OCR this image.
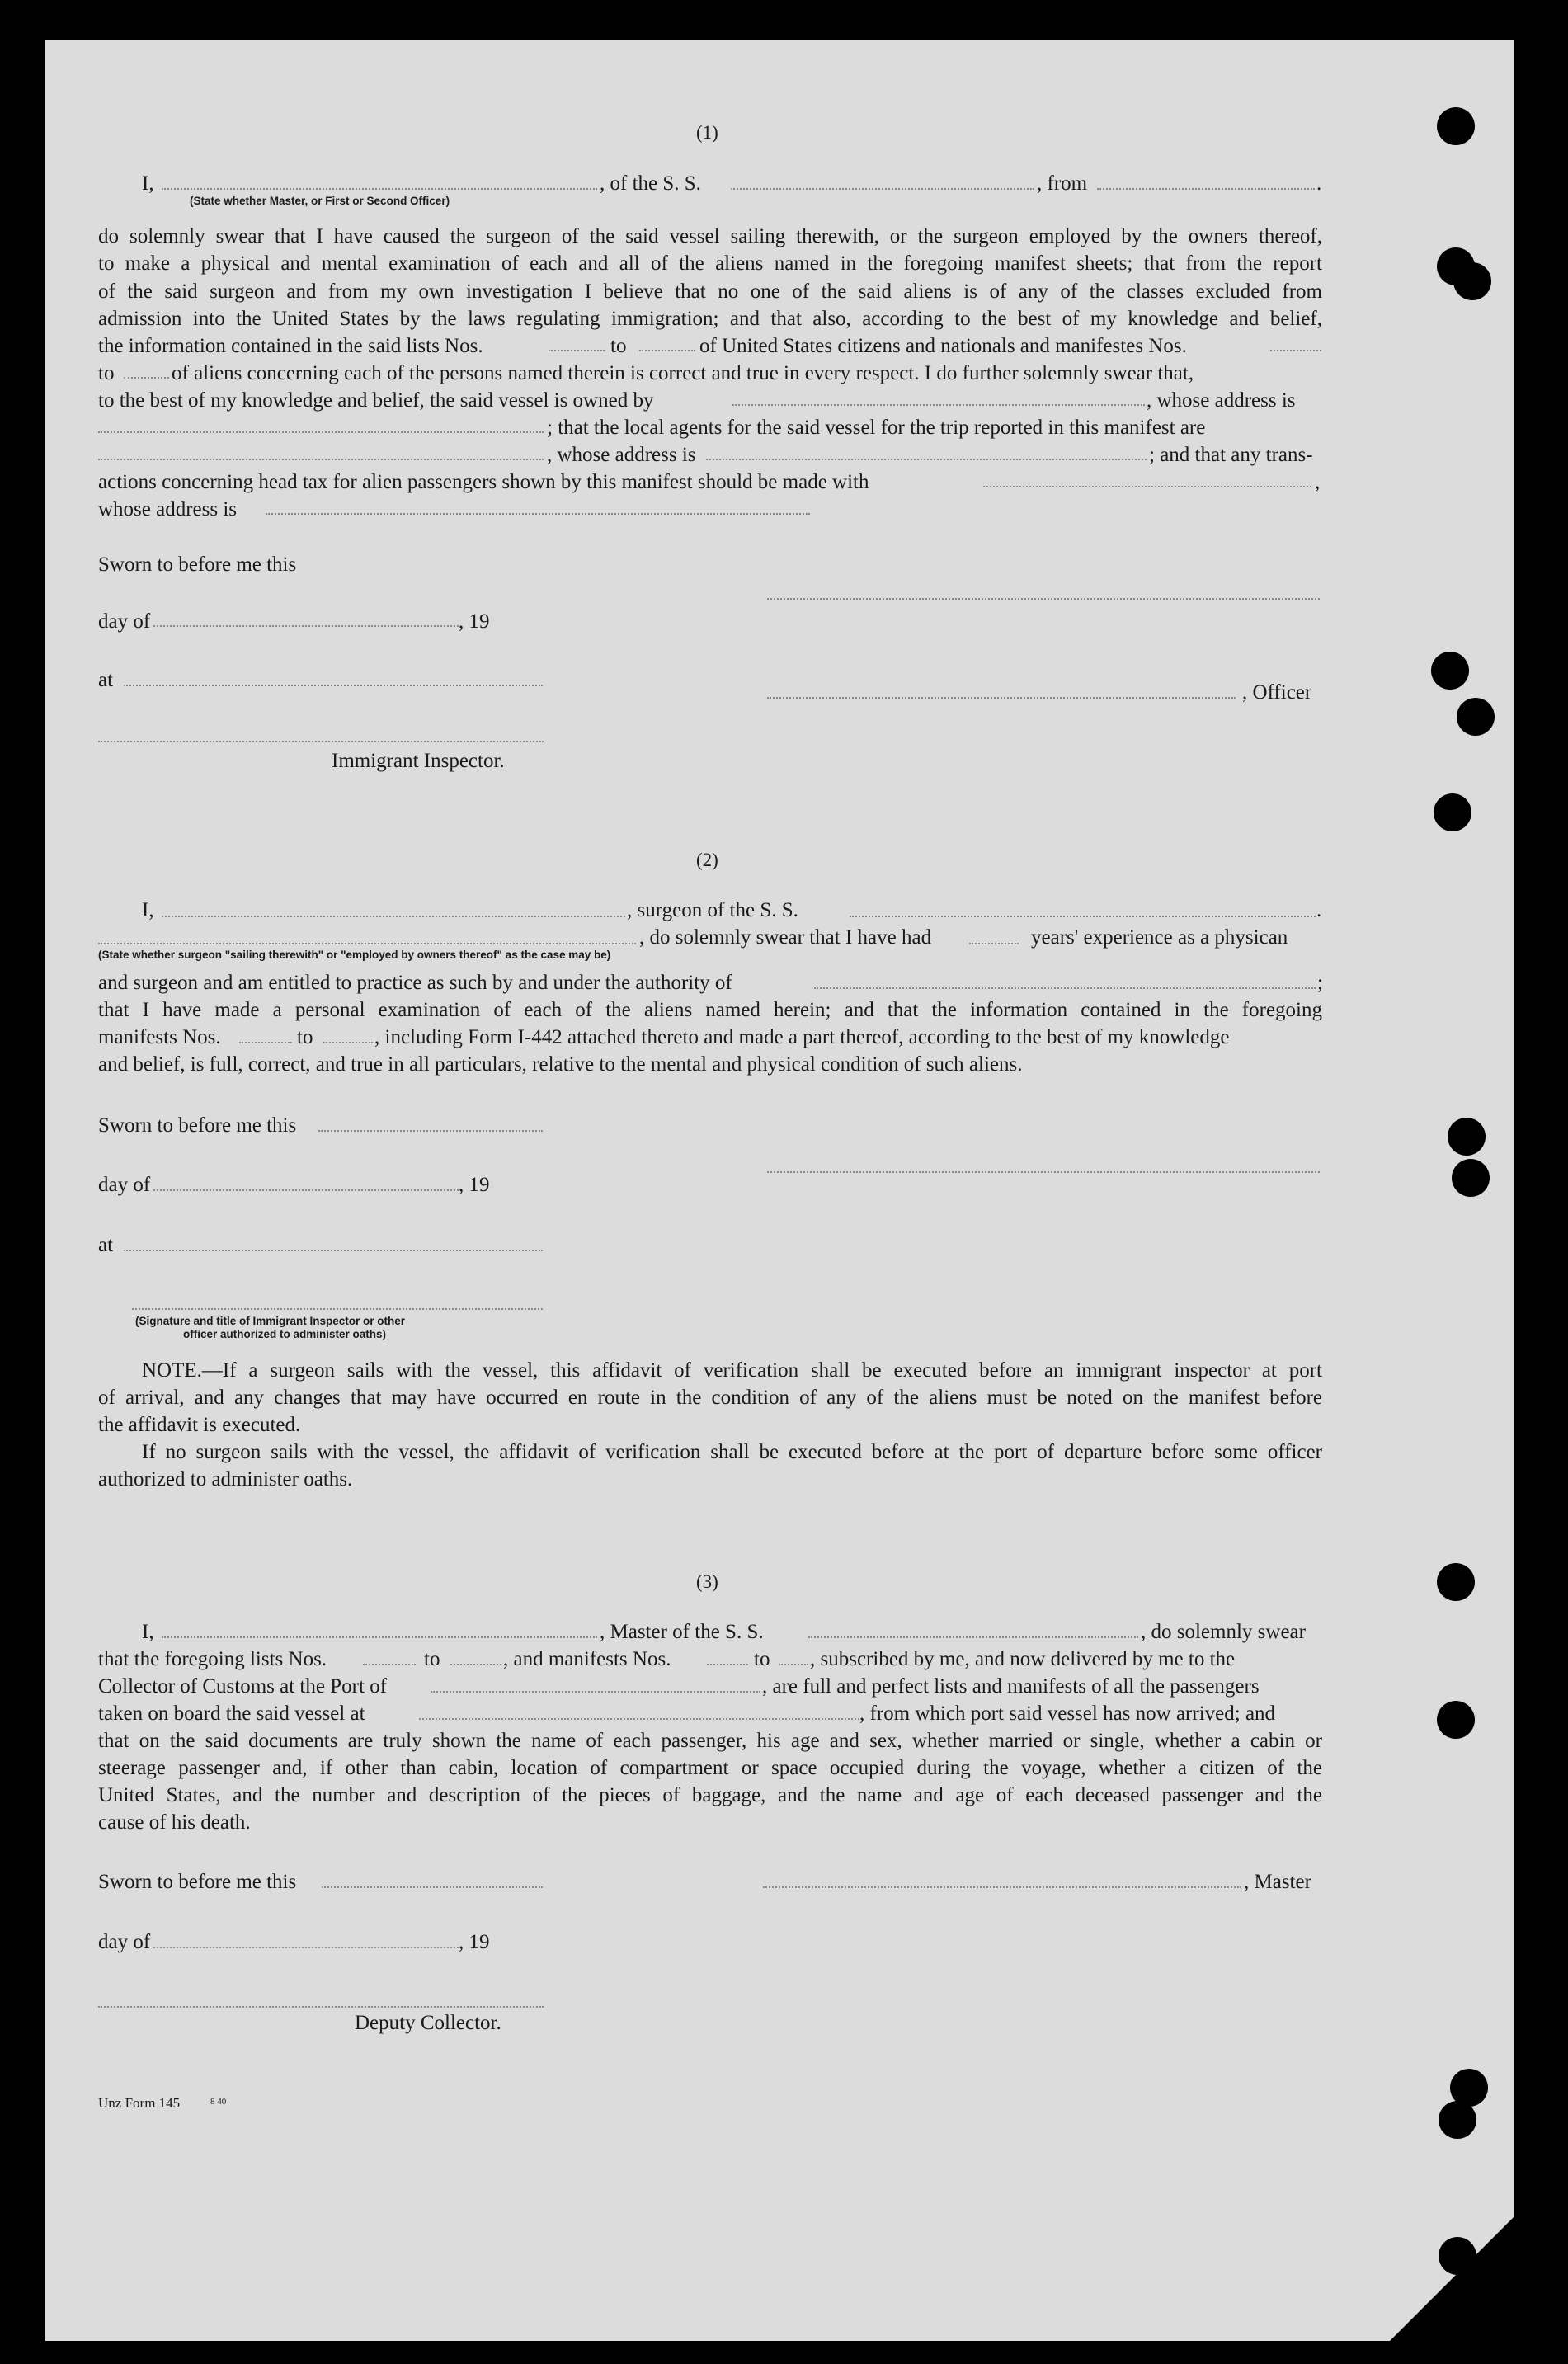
(1)
I,	, of the S. S.	, from	.
(State whether Master, or First or Second Officer)
do solemnly swear that I have caused the surgeon of the said vessel sailing therewith, or the surgeon employed by the owners thereof,
to make a physical and mental examination of each and all of the aliens named in the foregoing manifest sheets; that from the report
of the said surgeon and from my own investigation I believe that no one of the said aliens is of any of the classes excluded from
admission into the United States by the laws regulating immigration; and that also, according to the best of my knowledge and belief,
the information contained in the said lists Nos.	to	of United States citizens and nationals and manifestes Nos.
to	of aliens concerning each of the persons named therein is correct and true in every respect. I do further solemnly swear that,
to the best of my knowledge and belief, the said vessel is owned by	, whose address is
; that the local agents for the said vessel for the trip reported in this manifest are
, whose address is	; and that any trans-
actions concerning head tax for alien passengers shown by this manifest should be made with	,
whose address is
Sworn to before me this
day of	, 19
at
, Officer
Immigrant Inspector.
(2)
I,	, surgeon of the S. S.	.
, do solemnly swear that I have had	years' experience as a physican
(State whether surgeon "sailing therewith" or "employed by owners thereof" as the case may be)
and surgeon and am entitled to practice as such by and under the authority of	;
that I have made a personal examination of each of the aliens named herein; and that the information contained in the foregoing
manifests Nos.	to	, including Form I-442 attached thereto and made a part thereof, according to the best of my knowledge
and belief, is full, correct, and true in all particulars, relative to the mental and physical condition of such aliens.
Sworn to before me this
day of	, 19
at
(Signature and title of Immigrant Inspector or other
officer authorized to administer oaths)
NOTE.—If a surgeon sails with the vessel, this affidavit of verification shall be executed before an immigrant inspector at port
of arrival, and any changes that may have occurred en route in the condition of any of the aliens must be noted on the manifest before
the affidavit is executed.
If no surgeon sails with the vessel, the affidavit of verification shall be executed before at the port of departure before some officer
authorized to administer oaths.
(3)
I,	, Master of the S. S.	, do solemnly swear
that the foregoing lists Nos.	to	, and manifests Nos.	to , subscribed by me, and now delivered by me to the
Collector of Customs at the Port of	, are full and perfect lists and manifests of all the passengers
taken on board the said vessel at	, from which port said vessel has now arrived; and
that on the said documents are truly shown the name of each passenger, his age and sex, whether married or single, whether a cabin or
steerage passenger and, if other than cabin, location of compartment or space occupied during the voyage, whether a citizen of the
United States, and the number and description of the pieces of baggage, and the name and age of each deceased passenger and the
cause of his death.
Sworn to before me this	, Master
day of	, 19
Deputy Collector.
Unz Form 145	8 40
